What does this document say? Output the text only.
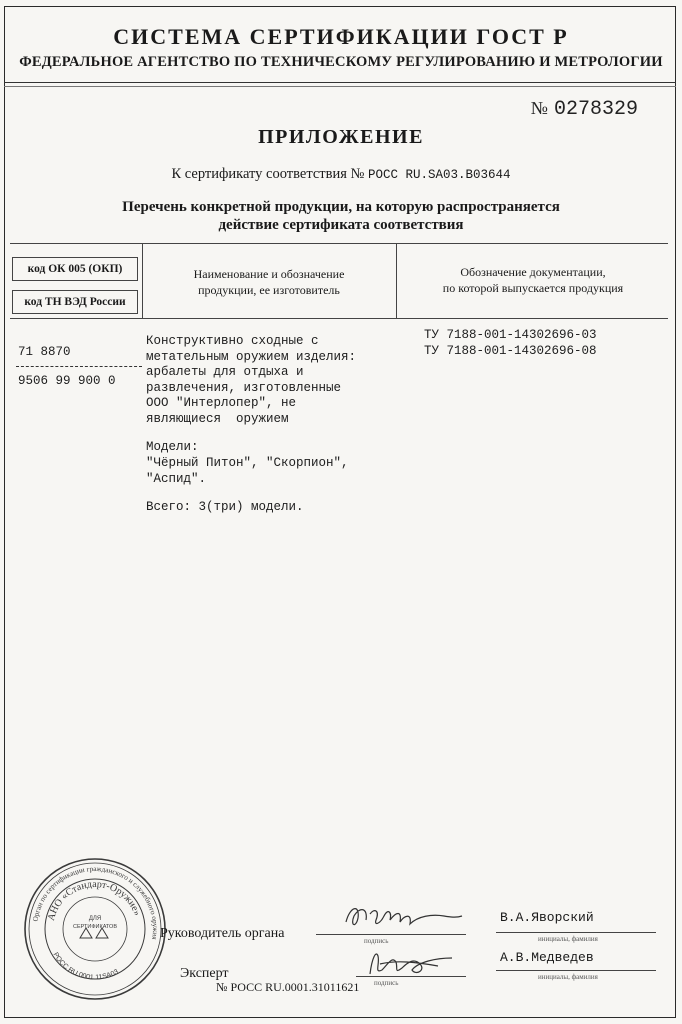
СИСТЕМА СЕРТИФИКАЦИИ ГОСТ Р
ФЕДЕРАЛЬНОЕ АГЕНТСТВО ПО ТЕХНИЧЕСКОМУ РЕГУЛИРОВАНИЮ И МЕТРОЛОГИИ
№ 0278329
ПРИЛОЖЕНИЕ
К сертификату соответствия № РОСС RU.SA03.B03644
Перечень конкретной продукции, на которую распространяется
действие сертификата соответствия
код ОК 005 (ОКП)
код ТН ВЭД России
Наименование и обозначение
продукции, ее изготовитель
Обозначение документации,
по которой выпускается продукция
71 8870
9506 99 900 0
Конструктивно сходные с
метательным оружием изделия:
арбалеты для отдыха и
развлечения, изготовленные
ООО "Интерлопер", не
являющиеся  оружием
Модели:
"Чёрный Питон", "Скорпион",
"Аспид".
Всего: 3(три) модели.
ТУ 7188-001-14302696-03
ТУ 7188-001-14302696-08
Орган по сертификации гражданского и служебного оружия
АНО «Стандарт-Оружие»
РОСС RU.0001.11SA03
ДЛЯ
СЕРТИФИКАТОВ	Руководитель органа	подпись
В.А.Яворский
инициалы, фамилия
Эксперт
№ РОСС RU.0001.31011621 подпись
А.В.Медведев
инициалы, фамилия
